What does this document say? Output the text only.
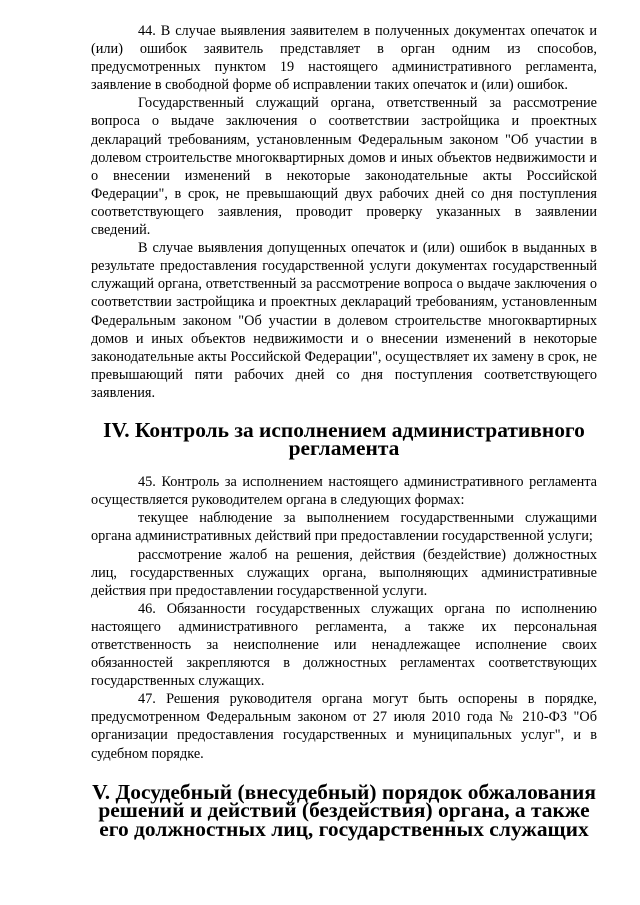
44. В случае выявления заявителем в полученных документах опечаток и (или) ошибок заявитель представляет в орган одним из способов, предусмотренных пунктом 19 настоящего административного регламента, заявление в свободной форме об исправлении таких опечаток и (или) ошибок.

Государственный служащий органа, ответственный за рассмотрение вопроса о выдаче заключения о соответствии застройщика и проектных деклараций требованиям, установленным Федеральным законом "Об участии в долевом строительстве многоквартирных домов и иных объектов недвижимости и о внесении изменений в некоторые законодательные акты Российской Федерации", в срок, не превышающий двух рабочих дней со дня поступления соответствующего заявления, проводит проверку указанных в заявлении сведений.

В случае выявления допущенных опечаток и (или) ошибок в выданных в результате предоставления государственной услуги документах государственный служащий органа, ответственный за рассмотрение вопроса о выдаче заключения о соответствии застройщика и проектных деклараций требованиям, установленным Федеральным законом "Об участии в долевом строительстве многоквартирных домов и иных объектов недвижимости и о внесении изменений в некоторые законодательные акты Российской Федерации", осуществляет их замену в срок, не превышающий пяти рабочих дней со дня поступления соответствующего заявления.

IV. Контроль за исполнением административного регламента

45. Контроль за исполнением настоящего административного регламента осуществляется руководителем органа в следующих формах:

текущее наблюдение за выполнением государственными служащими органа административных действий при предоставлении государственной услуги;

рассмотрение жалоб на решения, действия (бездействие) должностных лиц, государственных служащих органа, выполняющих административные действия при предоставлении государственной услуги.

46. Обязанности государственных служащих органа по исполнению настоящего административного регламента, а также их персональная ответственность за неисполнение или ненадлежащее исполнение своих обязанностей закрепляются в должностных регламентах соответствующих государственных служащих.

47. Решения руководителя органа могут быть оспорены в порядке, предусмотренном Федеральным законом от 27 июля 2010 года № 210-ФЗ "Об организации предоставления государственных и муниципальных услуг", и в судебном порядке.

V. Досудебный (внесудебный) порядок обжалования
решений и действий (бездействия) органа, а также
его должностных лиц, государственных служащих
